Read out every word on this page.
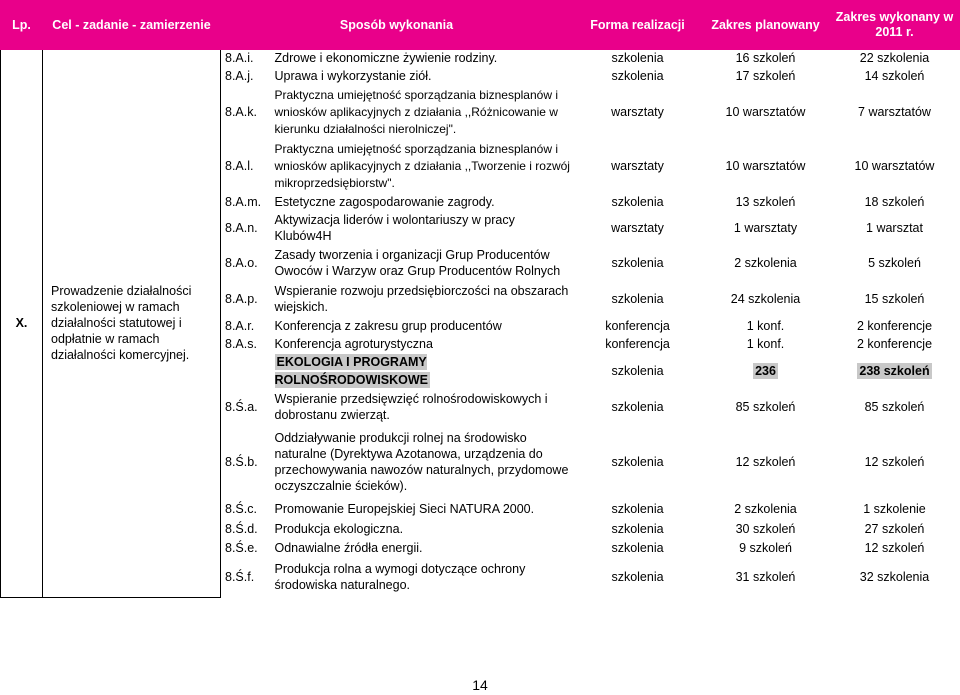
Lp.	Cel - zadanie - zamierzenie	Sposób wykonania		Forma realizacji	Zakres planowany	Zakres wykonany w 2011 r.
X.	Prowadzenie działalności szkoleniowej w ramach działalności statutowej i odpłatnie w ramach działalności komercyjnej.	8.A.i.	Zdrowe i ekonomiczne żywienie rodziny.	szkolenia	16 szkoleń	22 szkolenia
		8.A.j.	Uprawa i wykorzystanie ziół.	szkolenia	17 szkoleń	14 szkoleń
		8.A.k.	Praktyczna umiejętność sporządzania biznesplanów i wniosków aplikacyjnych z działania ,,Różnicowanie w kierunku działalności nierolniczej".	warsztaty	10 warsztatów	7 warsztatów
		8.A.l.	Praktyczna umiejętność sporządzania biznesplanów i wniosków aplikacyjnych z działania ,,Tworzenie i rozwój mikroprzedsiębiorstw".	warsztaty	10 warsztatów	10 warsztatów
		8.A.m.	Estetyczne zagospodarowanie zagrody.	szkolenia	13 szkoleń	18 szkoleń
		8.A.n.	Aktywizacja liderów i wolontariuszy w pracy Klubów4H	warsztaty	1 warsztaty	1 warsztat
		8.A.o.	Zasady tworzenia i organizacji Grup Producentów Owoców i Warzyw oraz Grup Producentów Rolnych	szkolenia	2 szkolenia	5 szkoleń
		8.A.p.	Wspieranie rozwoju przedsiębiorczości na obszarach wiejskich.	szkolenia	24 szkolenia	15 szkoleń
		8.A.r.	Konferencja z zakresu grup producentów	konferencja	1 konf.	2 konferencje
		8.A.s.	Konferencja agroturystyczna	konferencja	1 konf.	2 konferencje
			EKOLOGIA I PROGRAMY ROLNOŚRODOWISKOWE	szkolenia	236	238 szkoleń
		8.Ś.a.	Wspieranie przedsięwzięć rolnośrodowiskowych i dobrostanu zwierząt.	szkolenia	85 szkoleń	85 szkoleń
		8.Ś.b.	Oddziaływanie produkcji rolnej na środowisko naturalne (Dyrektywa Azotanowa, urządzenia do przechowywania nawozów naturalnych, przydomowe oczyszczalnie ścieków).	szkolenia	12 szkoleń	12 szkoleń
		8.Ś.c.	Promowanie Europejskiej Sieci NATURA 2000.	szkolenia	2 szkolenia	1 szkolenie
		8.Ś.d.	Produkcja ekologiczna.	szkolenia	30 szkoleń	27 szkoleń
		8.Ś.e.	Odnawialne źródła energii.	szkolenia	9 szkoleń	12 szkoleń
		8.Ś.f.	Produkcja rolna a wymogi dotyczące ochrony środowiska naturalnego.	szkolenia	31 szkoleń	32 szkolenia
14
